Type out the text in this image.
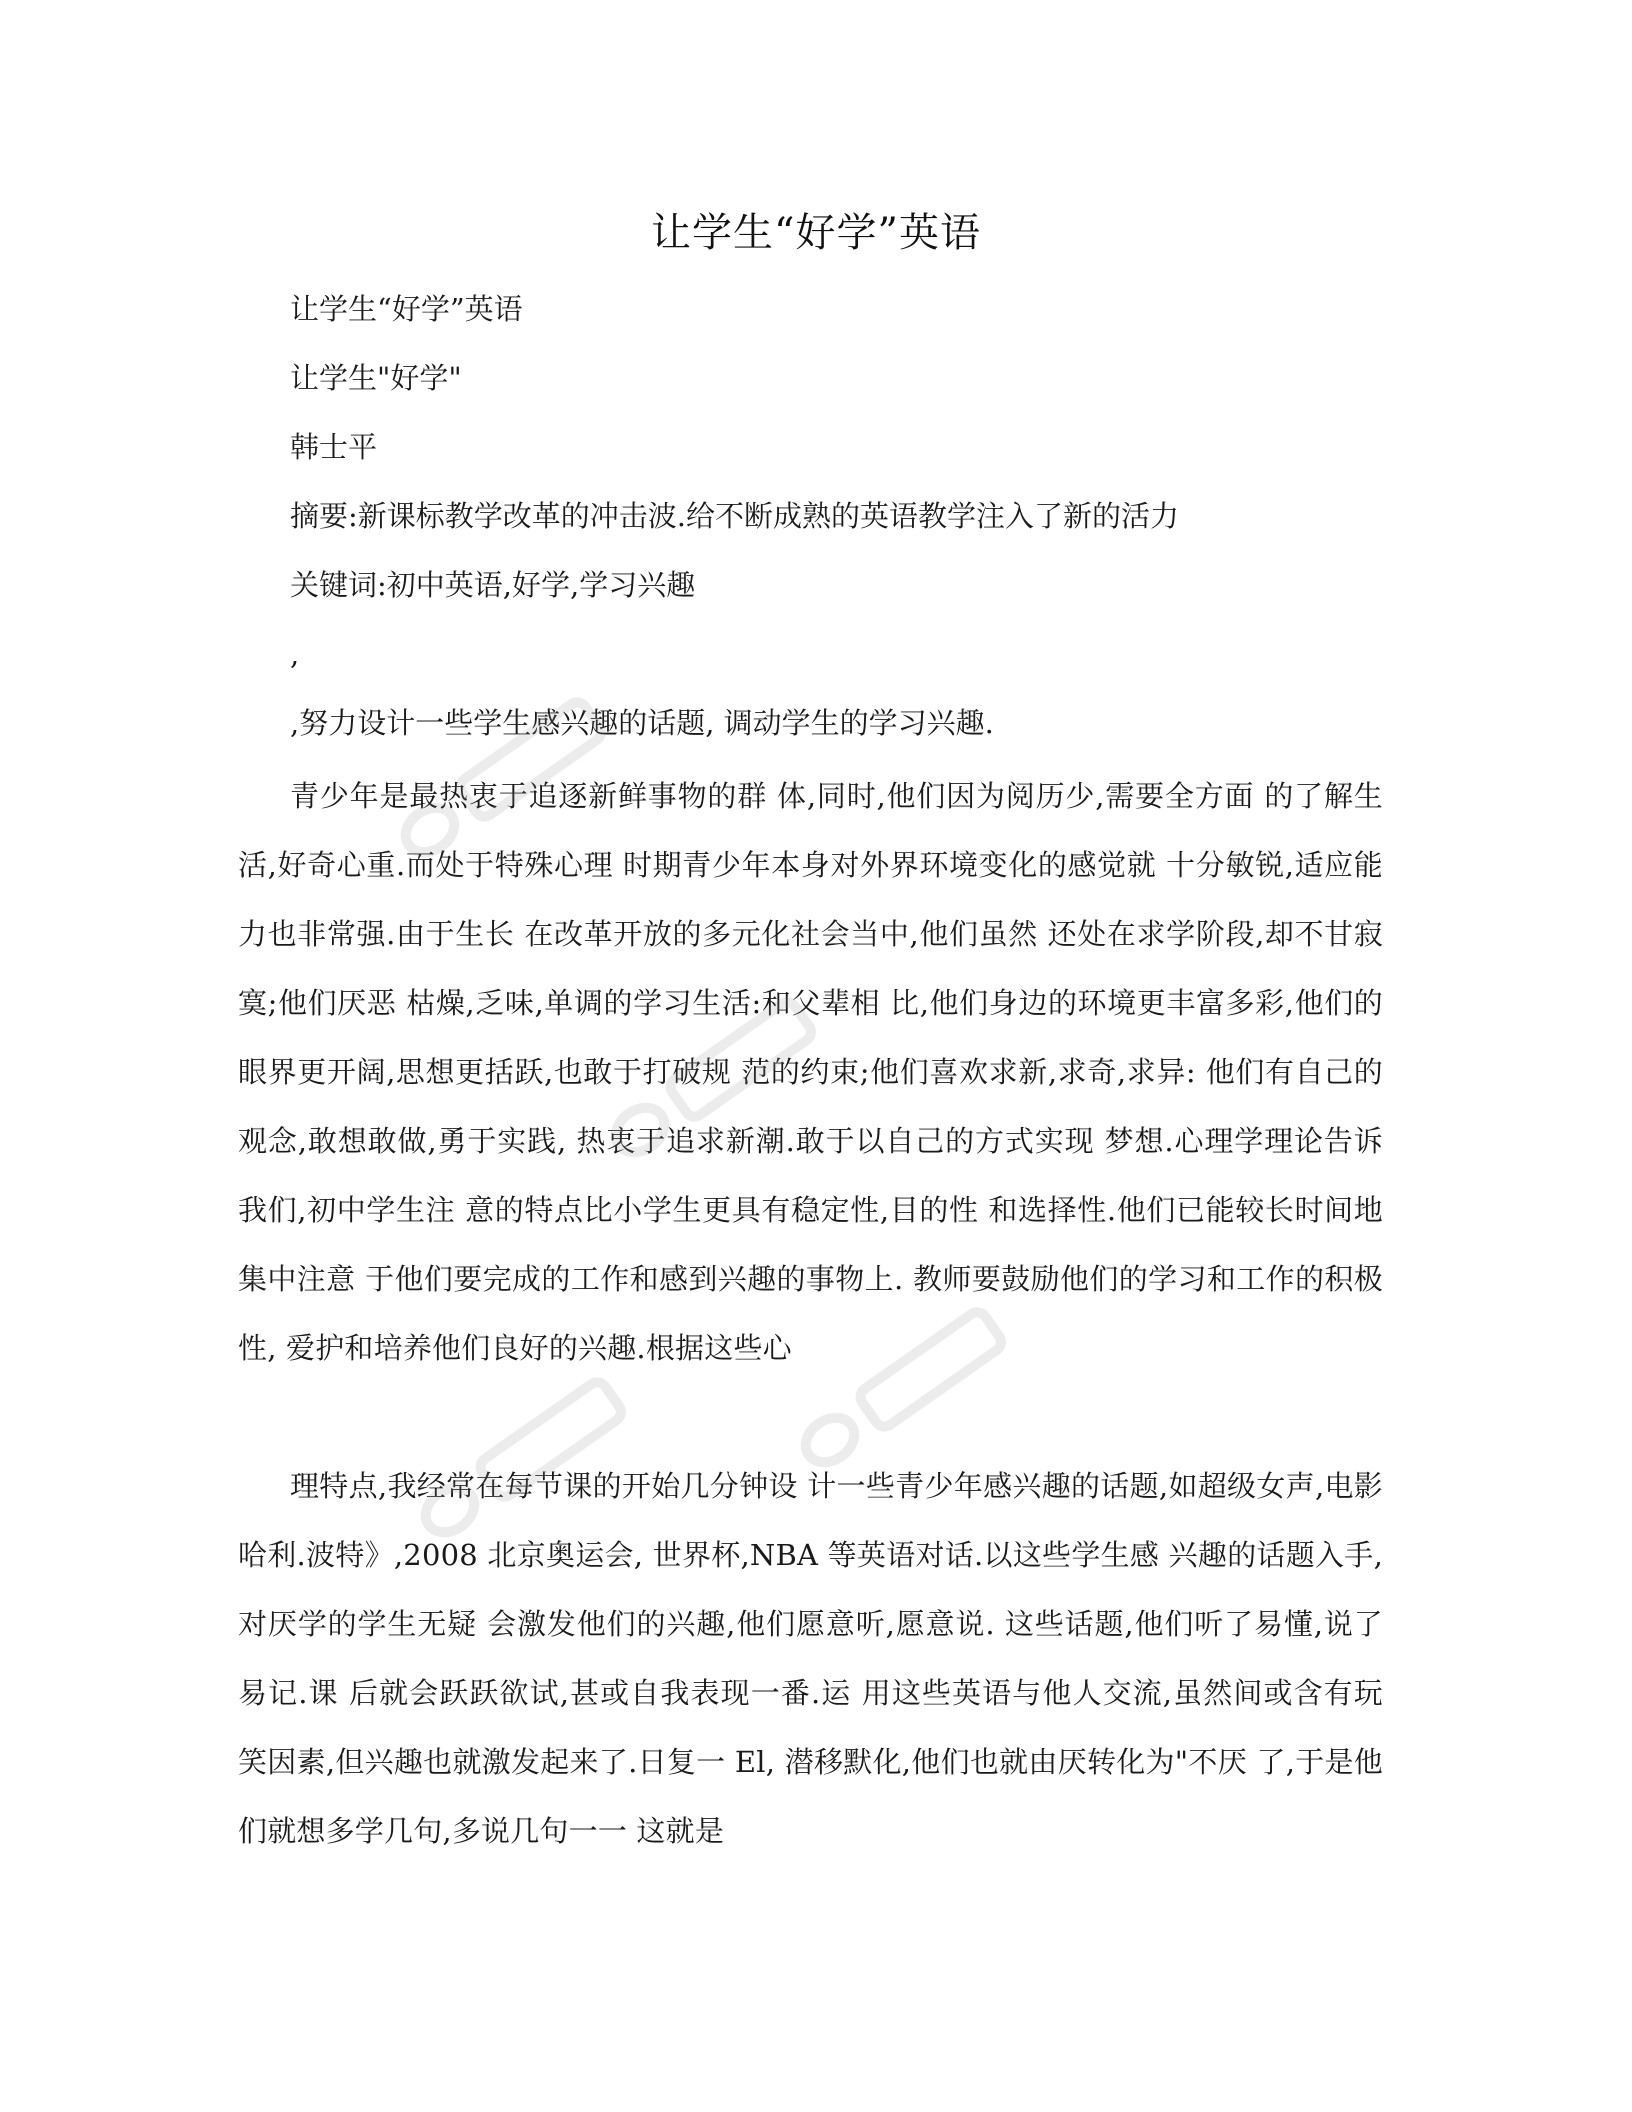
让学生“好学”英语
让学生“好学”英语
让学生"好学"
韩士平
摘要:新课标教学改革的冲击波.给不断成熟的英语教学注入了新的活力
关键词:初中英语,好学,学习兴趣
,
,努力设计一些学生感兴趣的话题, 调动学生的学习兴趣.
青少年是最热衷于追逐新鲜事物的群 体,同时,他们因为阅历少,需要全方面 的了解生活,好奇心重.而处于特殊心理 时期青少年本身对外界环境变化的感觉就 十分敏锐,适应能力也非常强.由于生长 在改革开放的多元化社会当中,他们虽然 还处在求学阶段,却不甘寂寞;他们厌恶 枯燥,乏味,单调的学习生活:和父辈相 比,他们身边的环境更丰富多彩,他们的 眼界更开阔,思想更括跃,也敢于打破规 范的约束;他们喜欢求新,求奇,求异: 他们有自己的观念,敢想敢做,勇于实践, 热衷于追求新潮.敢于以自己的方式实现 梦想.心理学理论告诉我们,初中学生注 意的特点比小学生更具有稳定性,目的性 和选择性.他们已能较长时间地集中注意 于他们要完成的工作和感到兴趣的事物上. 教师要鼓励他们的学习和工作的积极性, 爱护和培养他们良好的兴趣.根据这些心
理特点,我经常在每节课的开始几分钟设 计一些青少年感兴趣的话题,如超级女声,电影哈利.波特》,2008 北京奥运会, 世界杯,NBA 等英语对话.以这些学生感 兴趣的话题入手,对厌学的学生无疑 会激发他们的兴趣,他们愿意听,愿意说. 这些话题,他们听了易懂,说了易记.课 后就会跃跃欲试,甚或自我表现一番.运 用这些英语与他人交流,虽然间或含有玩 笑因素,但兴趣也就激发起来了.日复一 El, 潜移默化,他们也就由厌转化为"不厌 了,于是他们就想多学几句,多说几句一一 这就是
